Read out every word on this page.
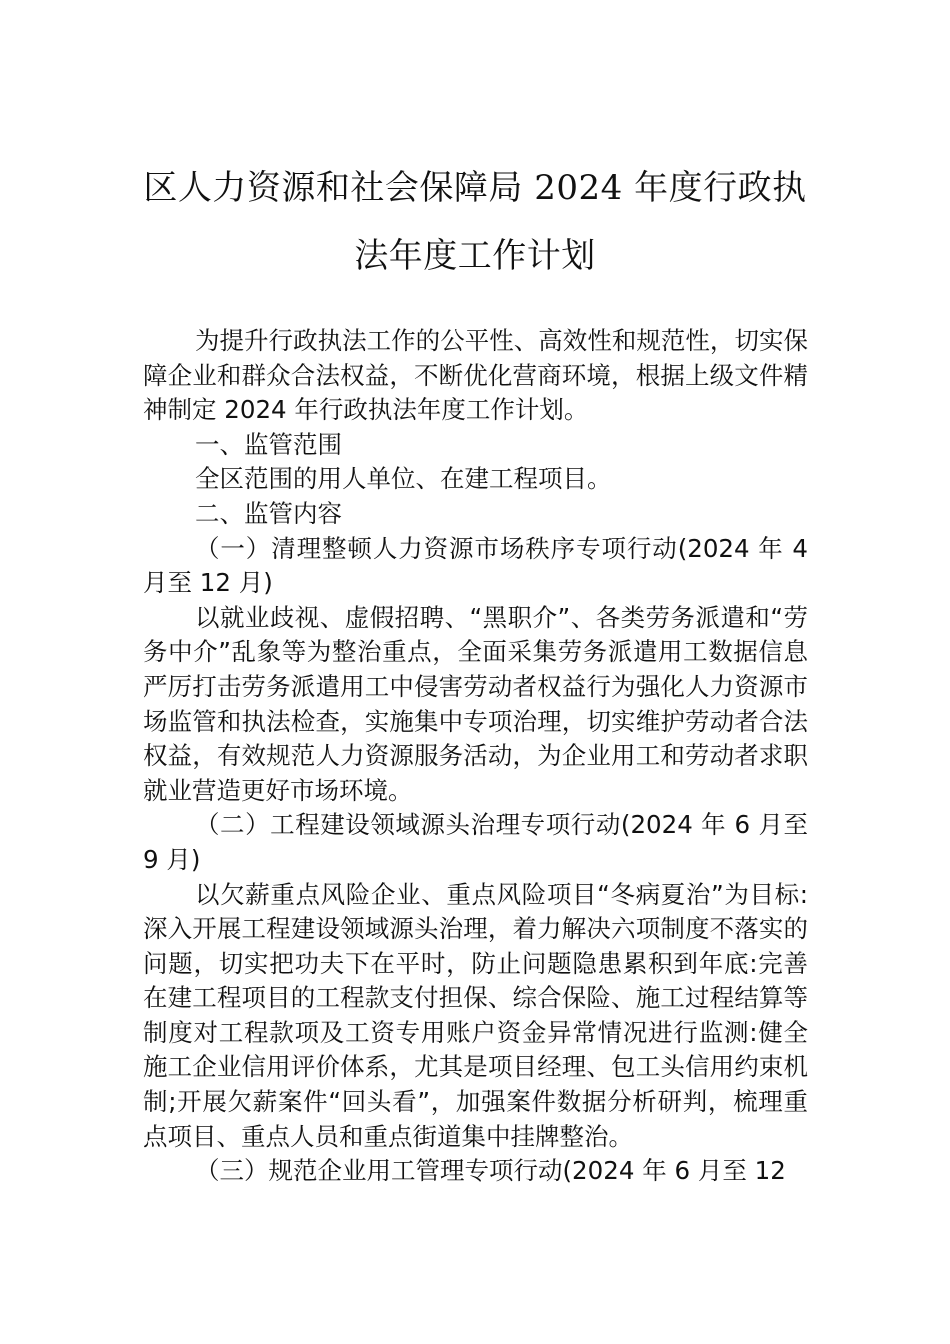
区人力资源和社会保障局 2024 年度行政执
法年度工作计划

为提升行政执法工作的公平性、高效性和规范性，切实保障企业和群众合法权益，不断优化营商环境，根据上级文件精神制定 2024 年行政执法年度工作计划。

一、监管范围

全区范围的用人单位、在建工程项目。

二、监管内容

（一）清理整顿人力资源市场秩序专项行动(2024 年 4 月至 12 月)

以就业歧视、虚假招聘、“黑职介”、各类劳务派遣和“劳务中介”乱象等为整治重点，全面采集劳务派遣用工数据信息严厉打击劳务派遣用工中侵害劳动者权益行为强化人力资源市场监管和执法检查，实施集中专项治理，切实维护劳动者合法权益，有效规范人力资源服务活动，为企业用工和劳动者求职就业营造更好市场环境。

（二）工程建设领域源头治理专项行动(2024 年 6 月至 9 月)

以欠薪重点风险企业、重点风险项目“冬病夏治”为目标:深入开展工程建设领域源头治理，着力解决六项制度不落实的问题，切实把功夫下在平时，防止问题隐患累积到年底:完善在建工程项目的工程款支付担保、综合保险、施工过程结算等制度对工程款项及工资专用账户资金异常情况进行监测:健全施工企业信用评价体系，尤其是项目经理、包工头信用约束机制;开展欠薪案件“回头看”，加强案件数据分析研判，梳理重点项目、重点人员和重点街道集中挂牌整治。

（三）规范企业用工管理专项行动(2024 年 6 月至 12
